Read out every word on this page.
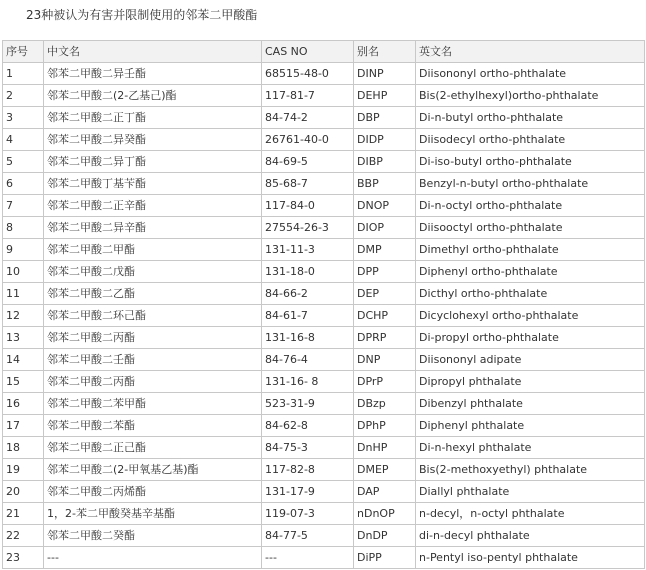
23种被认为有害并限制使用的邻苯二甲酸酯
序号	中文名	CAS NO	别名	英文名
1	邻苯二甲酸二异壬酯	68515-48-0	DINP	Diisononyl ortho-phthalate
2	邻苯二甲酸二(2-乙基己)酯	117-81-7	DEHP	Bis(2-ethylhexyl)ortho-phthalate
3	邻苯二甲酸二正丁酯	84-74-2	DBP	Di-n-butyl ortho-phthalate
4	邻苯二甲酸二异癸酯	26761-40-0	DIDP	Diisodecyl ortho-phthalate
5	邻苯二甲酸二异丁酯	84-69-5	DIBP	Di-iso-butyl ortho-phthalate
6	邻苯二甲酸丁基苄酯	85-68-7	BBP	Benzyl-n-butyl ortho-phthalate
7	邻苯二甲酸二正辛酯	117-84-0	DNOP	Di-n-octyl ortho-phthalate
8	邻苯二甲酸二异辛酯	27554-26-3	DIOP	Diisooctyl ortho-phthalate
9	邻苯二甲酸二甲酯	131-11-3	DMP	Dimethyl ortho-phthalate
10	邻苯二甲酸二戊酯	131-18-0	DPP	Diphenyl ortho-phthalate
11	邻苯二甲酸二乙酯	84-66-2	DEP	Dicthyl ortho-phthalate
12	邻苯二甲酸二环己酯	84-61-7	DCHP	Dicyclohexyl ortho-phthalate
13	邻苯二甲酸二丙酯	131-16-8	DPRP	Di-propyl ortho-phthalate
14	邻苯二甲酸二壬酯	84-76-4	DNP	Diisononyl adipate
15	邻苯二甲酸二丙酯	131-16- 8	DPrP	Dipropyl phthalate
16	邻苯二甲酸二苯甲酯	523-31-9	DBzp	Dibenzyl phthalate
17	邻苯二甲酸二苯酯	84-62-8	DPhP	Diphenyl phthalate
18	邻苯二甲酸二正己酯	84-75-3	DnHP	Di-n-hexyl phthalate
19	邻苯二甲酸二(2-甲氧基乙基)酯	117-82-8	DMEP	Bis(2-methoxyethyl) phthalate
20	邻苯二甲酸二丙烯酯	131-17-9	DAP	Diallyl phthalate
21	1，2-苯二甲酸癸基辛基酯	119-07-3	nDnOP	n-decyl，n-octyl phthalate
22	邻苯二甲酸二癸酯	84-77-5	DnDP	di-n-decyl phthalate
23	---	---	DiPP	n-Pentyl iso-pentyl phthalate
